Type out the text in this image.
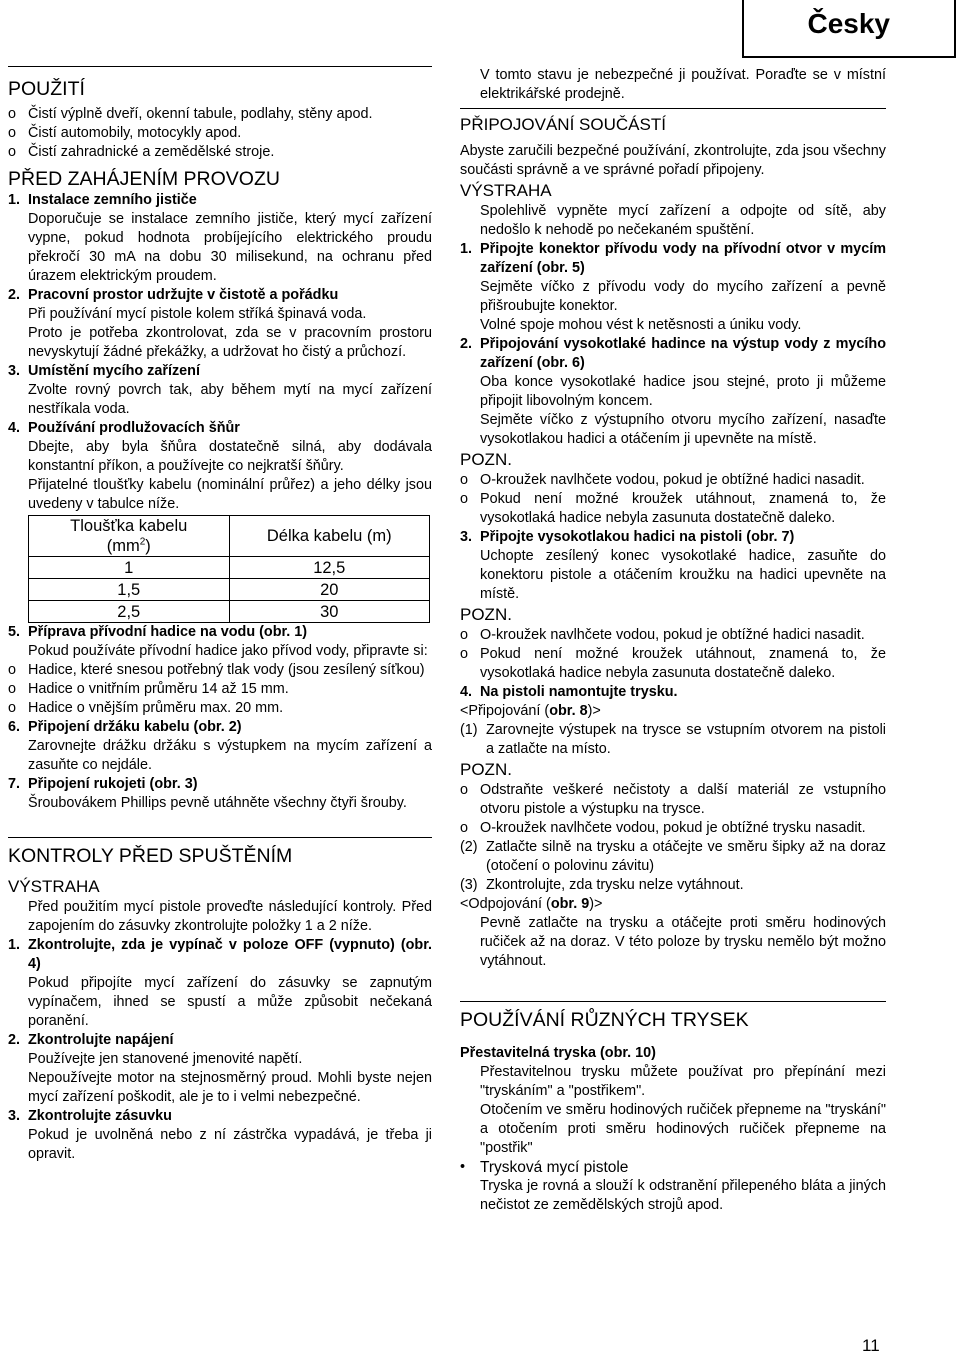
Česky
POUŽITÍ
o Čistí výplně dveří, okenní tabule, podlahy, stěny apod.
o Čistí automobily, motocykly apod.
o Čistí zahradnické a zemědělské stroje.
PŘED ZAHÁJENÍM PROVOZU
1. Instalace zemního jističe
Doporučuje se instalace zemního jističe, který mycí zařízení vypne, pokud hodnota probíjejícího elektrického proudu překročí 30 mA na dobu 30 milisekund, na ochranu před úrazem elektrickým proudem.
2. Pracovní prostor udržujte v čistotě a pořádku
Při používání mycí pistole kolem stříká špinavá voda.
Proto je potřeba zkontrolovat, zda se v pracovním prostoru nevyskytují žádné překážky, a udržovat ho čistý a průchozí.
3. Umístění mycího zařízení
Zvolte rovný povrch tak, aby během mytí na mycí zařízení nestříkala voda.
4. Používání prodlužovacích šňůr
Dbejte, aby byla šňůra dostatečně silná, aby dodávala konstantní příkon, a používejte co nejkratší šňůry.
Přijatelné tloušťky kabelu (nominální průřez) a jeho délky jsou uvedeny v tabulce níže.
Tloušťka kabelu
$(mm^2)$	Délka kabelu (m)
1	12,5
1,5	20
2,5	30
5. Příprava přívodní hadice na vodu (obr. 1)
Pokud používáte přívodní hadice jako přívod vody, připravte si:
o Hadice, které snesou potřebný tlak vody (jsou zesílený síťkou)
o Hadice o vnitřním průměru 14 až 15 mm.
o Hadice o vnějším průměru max. 20 mm.
6. Připojení držáku kabelu (obr. 2)
Zarovnejte drážku držáku s výstupkem na mycím zařízení a zasuňte co nejdále.
7. Připojení rukojeti (obr. 3)
Šroubovákem Phillips pevně utáhněte všechny čtyři šrouby.
KONTROLY PŘED SPUŠTĚNÍM
VÝSTRAHA
Před použitím mycí pistole proveďte následující kontroly. Před zapojením do zásuvky zkontrolujte položky 1 a 2 níže.
1. Zkontrolujte, zda je vypínač v poloze OFF (vypnuto) (obr. 4)
Pokud připojíte mycí zařízení do zásuvky se zapnutým vypínačem, ihned se spustí a může způsobit nečekaná poranění.
2. Zkontrolujte napájení
Používejte jen stanovené jmenovité napětí.
Nepoužívejte motor na stejnosměrný proud. Mohli byste nejen mycí zařízení poškodit, ale je to i velmi nebezpečné.
3. Zkontrolujte zásuvku
Pokud je uvolněná nebo z ní zástrčka vypadává, je třeba ji opravit.
V tomto stavu je nebezpečné ji používat. Poraďte se v místní elektrikářské prodejně.
PŘIPOJOVÁNÍ SOUČÁSTÍ
Abyste zaručili bezpečné používání, zkontrolujte, zda jsou všechny součásti správně a ve správné pořadí připojeny.
VÝSTRAHA
Spolehlivě vypněte mycí zařízení a odpojte od sítě, aby nedošlo k nehodě po nečekaném spuštění.
1. Připojte konektor přívodu vody na přívodní otvor v mycím zařízení (obr. 5)
Sejměte víčko z přívodu vody do mycího zařízení a pevně přišroubujte konektor.
Volné spoje mohou vést k netěsnosti a úniku vody.
2. Připojování vysokotlaké hadince na výstup vody z mycího zařízení (obr. 6)
Oba konce vysokotlaké hadice jsou stejné, proto ji můžeme připojit libovolným koncem.
Sejměte víčko z výstupního otvoru mycího zařízení, nasaďte vysokotlakou hadici a otáčením ji upevněte na místě.
POZN.
o O-kroužek navlhčete vodou, pokud je obtížné hadici nasadit.
o Pokud není možné kroužek utáhnout, znamená to, že vysokotlaká hadice nebyla zasunuta dostatečně daleko.
3. Připojte vysokotlakou hadici na pistoli (obr. 7)
Uchopte zesílený konec vysokotlaké hadice, zasuňte do konektoru pistole a otáčením kroužku na hadici upevněte na místě.
POZN.
o O-kroužek navlhčete vodou, pokud je obtížné hadici nasadit.
o Pokud není možné kroužek utáhnout, znamená to, že vysokotlaká hadice nebyla zasunuta dostatečně daleko.
4. Na pistoli namontujte trysku.
<Připojování (obr. 8)>
(1) Zarovnejte výstupek na trysce se vstupním otvorem na pistoli a zatlačte na místo.
POZN.
o Odstraňte veškeré nečistoty a další materiál ze vstupního otvoru pistole a výstupku na trysce.
o O-kroužek navlhčete vodou, pokud je obtížné trysku nasadit.
(2) Zatlačte silně na trysku a otáčejte ve směru šipky až na doraz (otočení o polovinu závitu)
(3) Zkontrolujte, zda trysku nelze vytáhnout.
<Odpojování (obr. 9)>
Pevně zatlačte na trysku a otáčejte proti směru hodinových ručiček až na doraz. V této poloze by trysku nemělo být možno vytáhnout.
POUŽÍVÁNÍ RŮZNÝCH TRYSEK
Přestavitelná tryska (obr. 10)
Přestavitelnou trysku můžete používat pro přepínání mezi "tryskáním" a "postřikem".
Otočením ve směru hodinových ručiček přepneme na "tryskání" a otočením proti směru hodinových ručiček přepneme na "postřik"
• Trysková mycí pistole
Tryska je rovná a slouží k odstranění přilepeného bláta a jiných nečistot ze zemědělských strojů apod.
11
